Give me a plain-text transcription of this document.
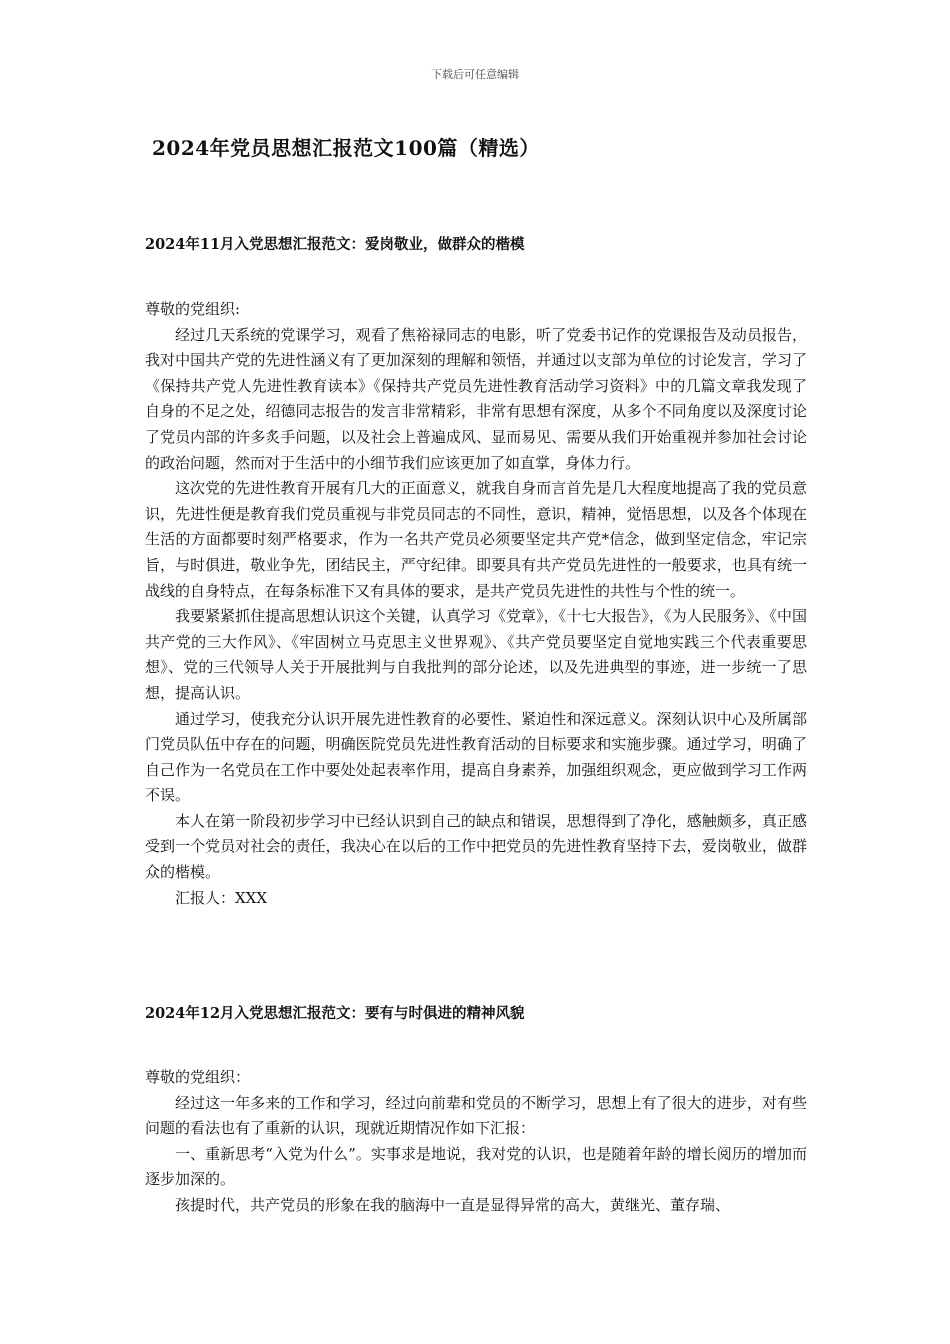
下载后可任意编辑
2024年党员思想汇报范文100篇（精选）
2024年11月入党思想汇报范文：爱岗敬业，做群众的楷模

尊敬的党组织:

经过几天系统的党课学习，观看了焦裕禄同志的电影，听了党委书记作的党课报告及动员报告，我对中国共产党的先进性涵义有了更加深刻的理解和领悟，并通过以支部为单位的讨论发言，学习了《保持共产党人先进性教育读本》《保持共产党员先进性教育活动学习资料》中的几篇文章我发现了自身的不足之处，绍德同志报告的发言非常精彩，非常有思想有深度，从多个不同角度以及深度讨论了党员内部的许多炙手问题，以及社会上普遍成风、显而易见、需要从我们开始重视并参加社会讨论的政治问题，然而对于生活中的小细节我们应该更加了如直掌，身体力行。

这次党的先进性教育开展有几大的正面意义，就我自身而言首先是几大程度地提高了我的党员意识，先进性便是教育我们党员重视与非党员同志的不同性，意识，精神，觉悟思想，以及各个体现在生活的方面都要时刻严格要求，作为一名共产党员必须要坚定共产党*信念，做到坚定信念，牢记宗旨，与时俱进，敬业争先，团结民主，严守纪律。即要具有共产党员先进性的一般要求，也具有统一战线的自身特点，在每条标准下又有具体的要求，是共产党员先进性的共性与个性的统一。

我要紧紧抓住提高思想认识这个关键，认真学习《党章》，《十七大报告》，《为人民服务》、《中国共产党的三大作风》、《牢固树立马克思主义世界观》、《共产党员要坚定自觉地实践三个代表重要思想》、党的三代领导人关于开展批判与自我批判的部分论述，以及先进典型的事迹，进一步统一了思想，提高认识。

通过学习，使我充分认识开展先进性教育的必要性、紧迫性和深远意义。深刻认识中心及所属部门党员队伍中存在的问题，明确医院党员先进性教育活动的目标要求和实施步骤。通过学习，明确了自己作为一名党员在工作中要处处起表率作用，提高自身素养，加强组织观念，更应做到学习工作两不误。

本人在第一阶段初步学习中已经认识到自己的缺点和错误，思想得到了净化，感触颇多，真正感受到一个党员对社会的责任，我决心在以后的工作中把党员的先进性教育坚持下去，爱岗敬业，做群众的楷模。

汇报人：XXX

2024年12月入党思想汇报范文：要有与时俱进的精神风貌

尊敬的党组织：

经过这一年多来的工作和学习，经过向前辈和党员的不断学习，思想上有了很大的进步，对有些问题的看法也有了重新的认识，现就近期情况作如下汇报：

一、重新思考“入党为什么”。实事求是地说，我对党的认识，也是随着年龄的增长阅历的增加而逐步加深的。

孩提时代，共产党员的形象在我的脑海中一直是显得异常的高大，黄继光、董存瑞、
